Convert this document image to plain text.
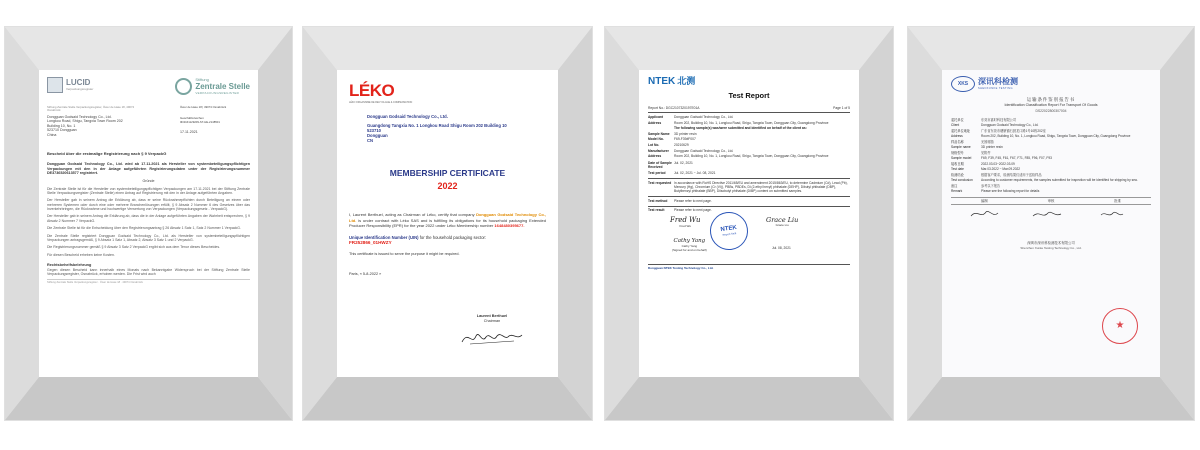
LUCID
Verpackungsregister
Stiftung
Zentrale Stelle
VERPACKUNGSREGISTER
Stiftung Zentrale Stelle Verpackungsregister, Öwer de Hase 18, 49074 Osnabrück
Dongguan Godsaid Technology Co., Ltd.
Longkou Road, Shigu, Tangxia Town Room 202
Building 10, No. 1
523710 Dongguan
China
Öwer de Hase 18 | 49074 Osnabrück
Geschäftszeichen
0D2161129209-ST-HE-2148501
17.11.2021
Bescheid über die erstmalige Registrierung nach § 9 VerpackG
Dongguan Godsaid Technology Co., Ltd. wird ab 17.11.2021 als Hersteller von systembeteiligungspflichtigen Verpackungen mit den in der Anlage aufgeführten Registrierungsdaten unter der Registrierungsnummer DE3736520613577 registriert.
Gründe
Die Zentrale Stelle ist für die Hersteller von systembeteiligungspflichtigen Verpackungen am 17.11.2021 bei der Stiftung Zentrale Stelle Verpackungsregister (Zentrale Stelle) einen Antrag auf Registrierung mit den in der Anlage aufgeführten Angaben.
Der Hersteller gab in seinem Antrag die Erklärung ab, dass er seine Rücknahmepflichten durch Beteiligung an einem oder mehreren Systemen oder durch eine oder mehrere Branchenlösungen erfüllt, § 9 Absatz 2 Nummer 6 des Gesetzes über das Inverkehrbringen, die Rücknahme und hochwertige Verwertung von Verpackungen (Verpackungsgesetz - VerpackG).
Der Hersteller gab in seinem Antrag die Erklärung ab, dass die in der Anlage aufgeführten Angaben der Wahrheit entsprechen, § 9 Absatz 2 Nummer 7 VerpackG.
Die Zentrale Stelle ist für die Entscheidung über den Registrierungsantrag § 26 Absatz 1 Satz 1, Satz 2 Nummer 1 VerpackG.
Die Zentrale Stelle registriert Dongguan Godsaid Technology Co., Ltd. als Hersteller von systembeteiligungspflichtigen Verpackungen antragsgemäß, § 9 Absatz 1 Satz 1, Absatz 2, Absatz 3 Satz 1 und 2 VerpackG.
Die Registrierungsnummer gemäß § 9 Absatz 3 Satz 2 VerpackG ergibt sich aus dem Tenor dieses Bescheides.
Für diesen Bescheid erheben keine Kosten.
Rechtsbehelfsbelehrung
Gegen diesen Bescheid kann innerhalb eines Monats nach Bekanntgabe Widerspruch bei der Stiftung Zentrale Stelle Verpackungsregister, Osnabrück, erhoben werden. Die Frist wird auch
Stiftung Zentrale Stelle Verpackungsregister · Öwer de Hase 18 · 49074 Osnabrück
LÉKO
LÉKO ORGANISME DE RECYCLAGE & COMPENSATION
Dongguan Godsaid Technology Co., Ltd.
Guangdong Tangxia No. 1 Longkou Road Shigu Room 202 Building 10
523710
Dongguan
CN
MEMBERSHIP CERTIFICATE
2022
I, Laurent Berthuel, acting as Chairman of Léko, certify that company Dongguan Godsaid Technology Co., Ltd. is under contract with Léko SAS and is fulfilling its obligations for its household packaging Extended Producer Responsibility (EPR) for the year 2022 under Léko Membership number 1648480395677.
Unique Identification Number (UIN) for the household packaging sector:
FR252866_01HWZY
This certificate is issued to serve the purpose it might be required.
Paris, « 5-8-2022 »
Laurent Berthuel
Chairman
NTEK 北测
Test Report
Report No.: DGC2107320197E01A	Page 1 of 5
Applicant	Dongguan Godsaid Technology Co., Ltd.
Address	Room 202, Building 10, No. 1, Longkou Road, Shigu, Tangxia Town, Dongguan City, Guangdong Province
The following sample(s) was/were submitted and identified on behalf of the client as:
Sample Name	3D printer resin
Model No.	F69-F39#F007
Lot No.	20210629
Manufacturer	Dongguan Godsaid Technology Co., Ltd.
Address	Room 202, Building 10, No. 1, Longkou Road, Shigu, Tangxia Town, Dongguan City, Guangdong Province
Date of Sample Received
Jul. 02, 2021
Test period	Jul. 02, 2021 ~ Jul. 08, 2021
Test requested In accordance with RoHS Directive 2011/65/EU and amendment 2015/863/EU, to determine Cadmium (Cd), Lead (Pb), Mercury (Hg), Chromium (Cr (VI)), PBBs, PBDEs, Di (2-ethyl hexyl) phthalate (DEHP), Dibutyl phthalate (DBP), Butylbenzyl phthalate (BBP), Diisobutyl phthalate (DIBP) content on submitted samples.
Test method	Please refer to next page.
Test result	Please refer to next page.
Fred Wu
Fred Wu	NTEK
Report Seal
Grace Liu
Grace Liu
Cathy Yang
Cathy Yang
(Signed for and on behalf)	Jul. 08, 2021
Dongguan NTEK Testing Technology Co., Ltd.
XKS	深讯科检测
SHENXUNKE TESTING
运输条件鉴别报告书
Identification Classification Report For Transport Of Goods
DS22022800307004
委托单位	东莞市嘉时科技有限公司
Client	Dongguan Godsaid Technology Co., Ltd.
委托单位地址	广东省东莞市塘厦镇石鼓龙口路1号10栋202室
Address	Room 202, Building 10, No. 1, Longkou Road, Shigu, Tangxia Town, Dongguan City, Guangdong Province
样品名称	光固树脂
Sample name	3D printer resin
规格型号	见附件
Sample model	F69, F39, F45, F61, F67, F71, F85, F96, F07, F93
接收日期	2022.03.03~2022.03.09
Test date	Mar.03.2022 ~ Mar.09.2022
检测结论	根据客户要求，检测结果仅适用于送检样品
Test conclusion	According to customer requirements, the samples submitted for inspection will be identified for shipping by sea.
备注	参考以下报告
Remark	Please see the following report for details
编制	审核	批准
★
深圳市深讯科检测技术有限公司
Shenzhen Xunke Testing Technology Co., Ltd.
